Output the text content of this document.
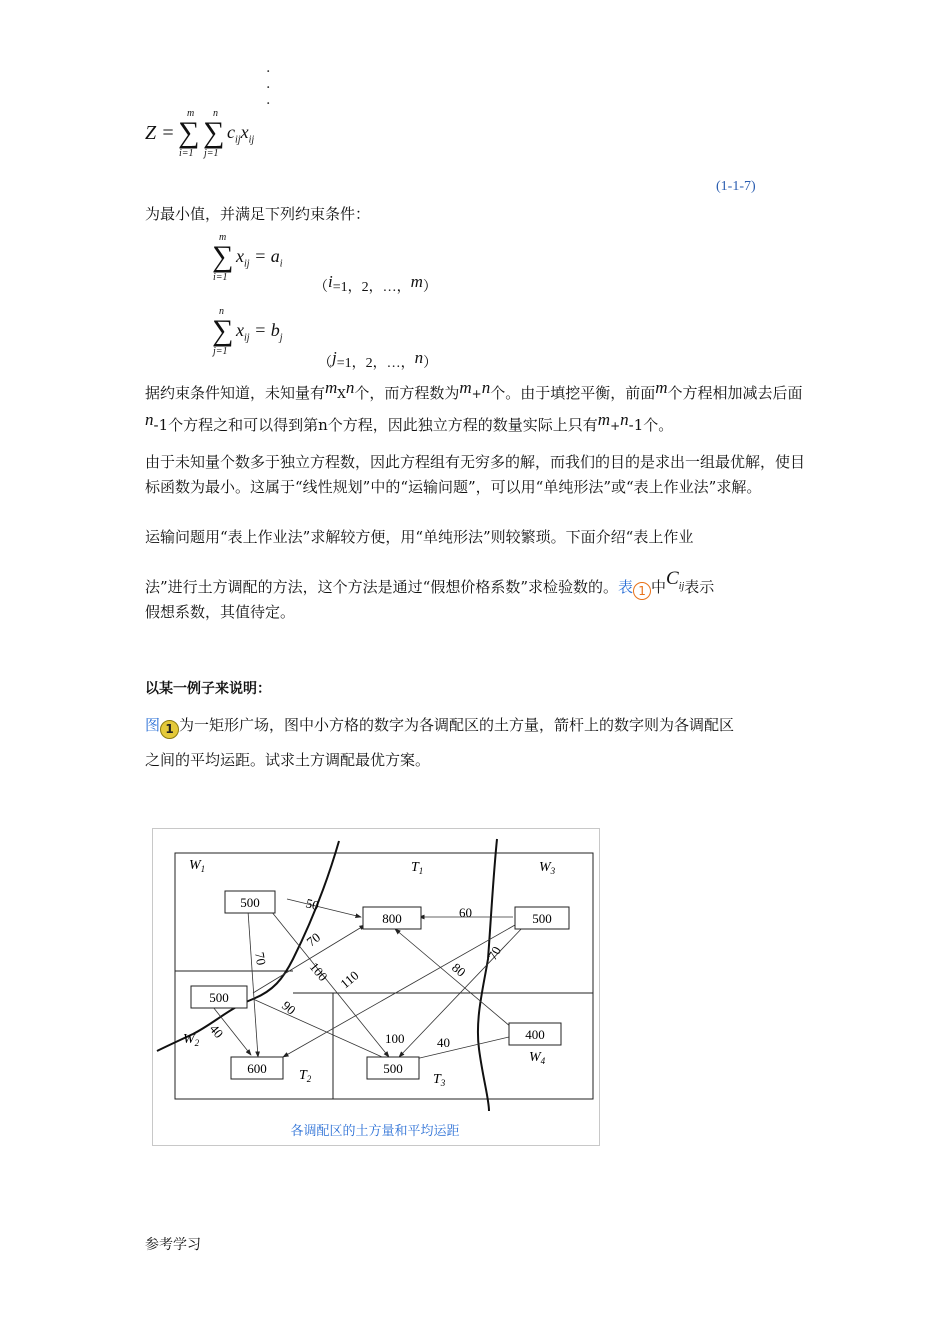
. . .
Z =
m
∑
i=1
n
∑
j=1
$c_{ij}x_{ij}$
(1-1-7)
为最小值，并满足下列约束条件：
m
∑
i=1
$x_{ij} = a_i$
（i=1，2，…，m）
n
∑
j=1
$x_{ij} = b_j$
（j=1，2，…，n）
据约束条件知道，未知量有mXn个，而方程数为m+n个。由于填挖平衡，前面m个方程相加减去后面n-1个方程之和可以得到第n个方程，因此独立方程的数量实际上只有m+n-1个。
由于未知量个数多于独立方程数，因此方程组有无穷多的解，而我们的目的是求出一组最优解，使目标函数为最小。这属于“线性规划”中的“运输问题”，可以用“单纯形法”或“表上作业法”求解。
运输问题用“表上作业法”求解较方便，用“单纯形法”则较繁琐。下面介绍“表上作业
法”进行土方调配的方法，这个方法是通过“假想价格系数”求检验数的。表 1 中$C_{ij}$表示
假想系数，其值待定。
以某一例子来说明：
图 1 为一矩形广场，图中小方格的数字为各调配区的土方量，箭杆上的数字则为各调配区
之间的平均运距。试求土方调配最优方案。
$W_1$	$T_1$	$W_3$
$W_2$
$T_2$	$T_3$
$W_4$
500
800	500
500
400
600	500
50	60
70
70
100 110	80
70
90
40	100	40
各调配区的土方量和平均运距
参考学习
